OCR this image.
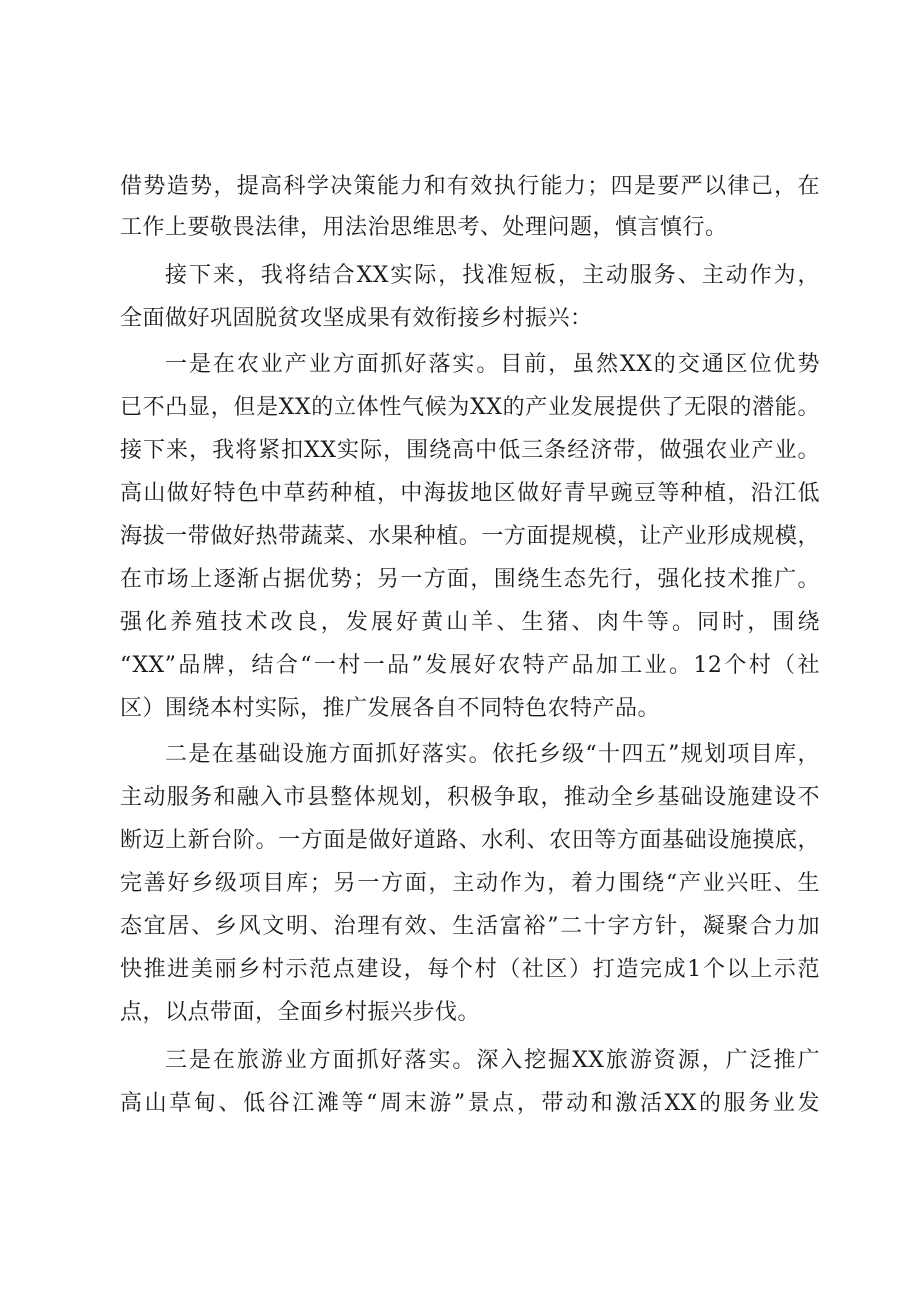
借势造势，提高科学决策能力和有效执行能力；四是要严以律己，在
工作上要敬畏法律，用法治思维思考、处理问题，慎言慎行。
接下来，我将结合XX实际，找准短板，主动服务、主动作为，
全面做好巩固脱贫攻坚成果有效衔接乡村振兴：
一是在农业产业方面抓好落实。目前，虽然XX的交通区位优势
已不凸显，但是XX的立体性气候为XX的产业发展提供了无限的潜能。
接下来，我将紧扣XX实际，围绕高中低三条经济带，做强农业产业。
高山做好特色中草药种植，中海拔地区做好青早豌豆等种植，沿江低
海拔一带做好热带蔬菜、水果种植。一方面提规模，让产业形成规模，
在市场上逐渐占据优势；另一方面，围绕生态先行，强化技术推广。
强化养殖技术改良，发展好黄山羊、生猪、肉牛等。同时，围绕
“XX”品牌，结合“一村一品”发展好农特产品加工业。12个村（社
区）围绕本村实际，推广发展各自不同特色农特产品。
二是在基础设施方面抓好落实。依托乡级“十四五”规划项目库，
主动服务和融入市县整体规划，积极争取，推动全乡基础设施建设不
断迈上新台阶。一方面是做好道路、水利、农田等方面基础设施摸底，
完善好乡级项目库；另一方面，主动作为，着力围绕“产业兴旺、生
态宜居、乡风文明、治理有效、生活富裕”二十字方针，凝聚合力加
快推进美丽乡村示范点建设，每个村（社区）打造完成1个以上示范
点，以点带面，全面乡村振兴步伐。
三是在旅游业方面抓好落实。深入挖掘XX旅游资源，广泛推广
高山草甸、低谷江滩等“周末游”景点，带动和激活XX的服务业发
